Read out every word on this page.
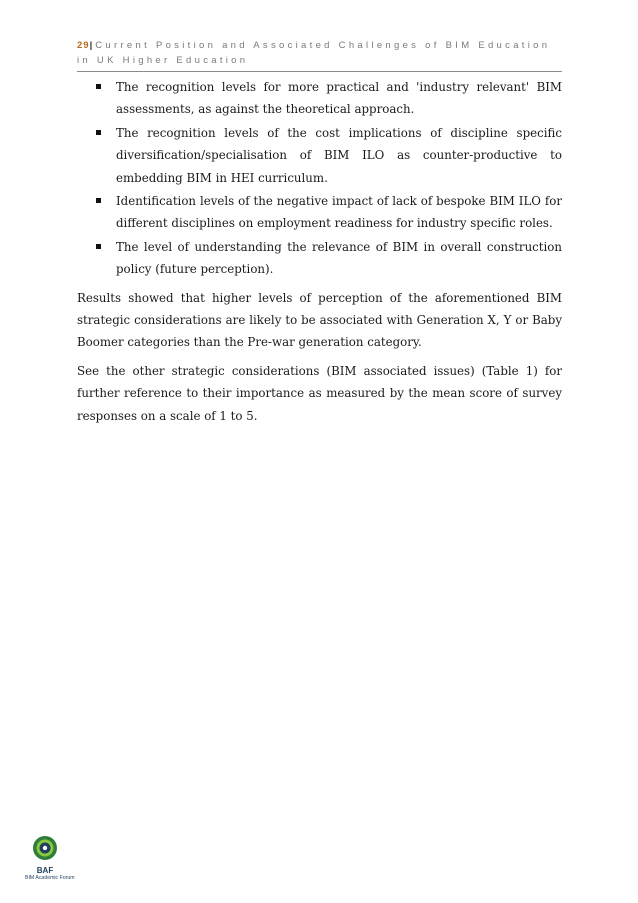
29| Current Position and Associated Challenges of BIM Education in UK Higher Education
The recognition levels for more practical and 'industry relevant' BIM assessments, as against the theoretical approach.
The recognition levels of the cost implications of discipline specific diversification/specialisation of BIM ILO as counter-productive to embedding BIM in HEI curriculum.
Identification levels of the negative impact of lack of bespoke BIM ILO for different disciplines on employment readiness for industry specific roles.
The level of understanding the relevance of BIM in overall construction policy (future perception).

Results showed that higher levels of perception of the aforementioned BIM strategic considerations are likely to be associated with Generation X, Y or Baby Boomer categories than the Pre-war generation category.

See the other strategic considerations (BIM associated issues) (Table 1) for further reference to their importance as measured by the mean score of survey responses on a scale of 1 to 5.

BAF
BIM Academic Forum
